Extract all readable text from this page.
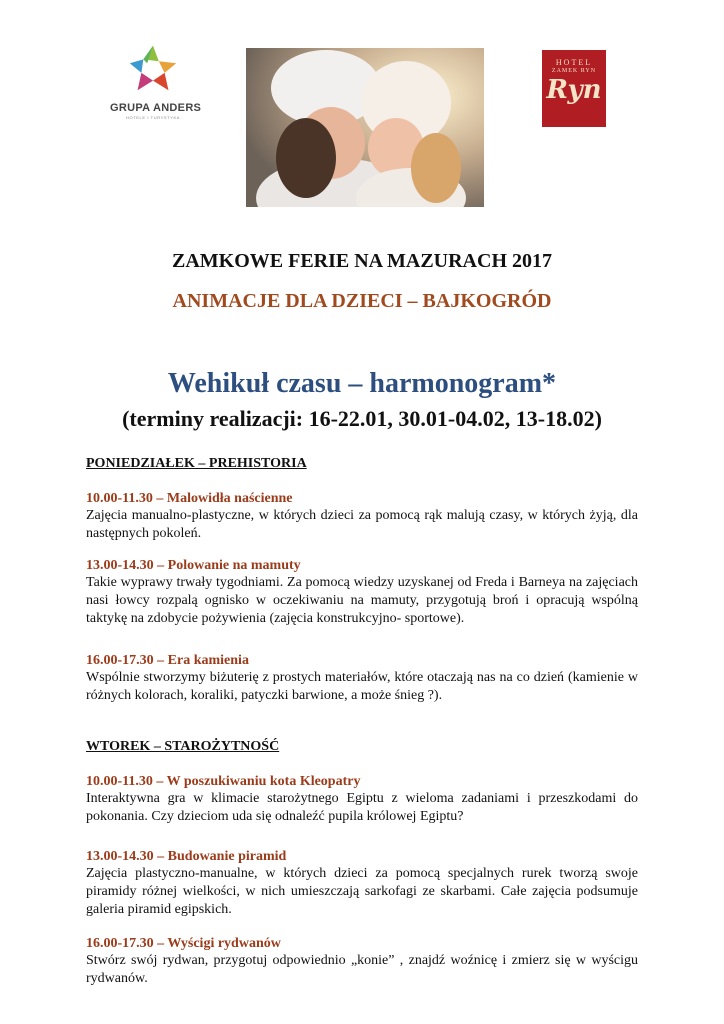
GRUPA ANDERS
HOTELE I TURYSTYKA
HOTEL
ZAMEK RYN
Ryn
ZAMKOWE FERIE NA MAZURACH 2017
ANIMACJE DLA DZIECI – BAJKOGRÓD
Wehikuł czasu – harmonogram*
(terminy realizacji: 16-22.01, 30.01-04.02, 13-18.02)
PONIEDZIAŁEK – PREHISTORIA
10.00-11.30 – Malowidła naścienne
Zajęcia manualno-plastyczne, w których dzieci za pomocą rąk malują czasy, w których żyją, dla następnych pokoleń.
13.00-14.30 – Polowanie na mamuty
Takie wyprawy trwały tygodniami. Za pomocą wiedzy uzyskanej od Freda i Barneya na zajęciach nasi łowcy rozpalą ognisko w oczekiwaniu na mamuty, przygotują broń i opracują wspólną taktykę na zdobycie pożywienia (zajęcia konstrukcyjno- sportowe).
16.00-17.30 – Era kamienia
Wspólnie stworzymy biżuterię z prostych materiałów, które otaczają nas na co dzień (kamienie w różnych kolorach, koraliki, patyczki barwione, a może śnieg ?).
WTOREK – STAROŻYTNOŚĆ
10.00-11.30 – W poszukiwaniu kota Kleopatry
Interaktywna gra w klimacie starożytnego Egiptu z wieloma zadaniami i przeszkodami do pokonania. Czy dzieciom uda się odnaleźć pupila królowej Egiptu?
13.00-14.30 – Budowanie piramid
Zajęcia plastyczno-manualne, w których dzieci za pomocą specjalnych rurek tworzą swoje piramidy różnej wielkości, w nich umieszczają sarkofagi ze skarbami. Całe zajęcia podsumuje galeria piramid egipskich.
16.00-17.30 – Wyścigi rydwanów
Stwórz swój rydwan, przygotuj odpowiednio „konie” , znajdź woźnicę i zmierz się w wyścigu rydwanów.
